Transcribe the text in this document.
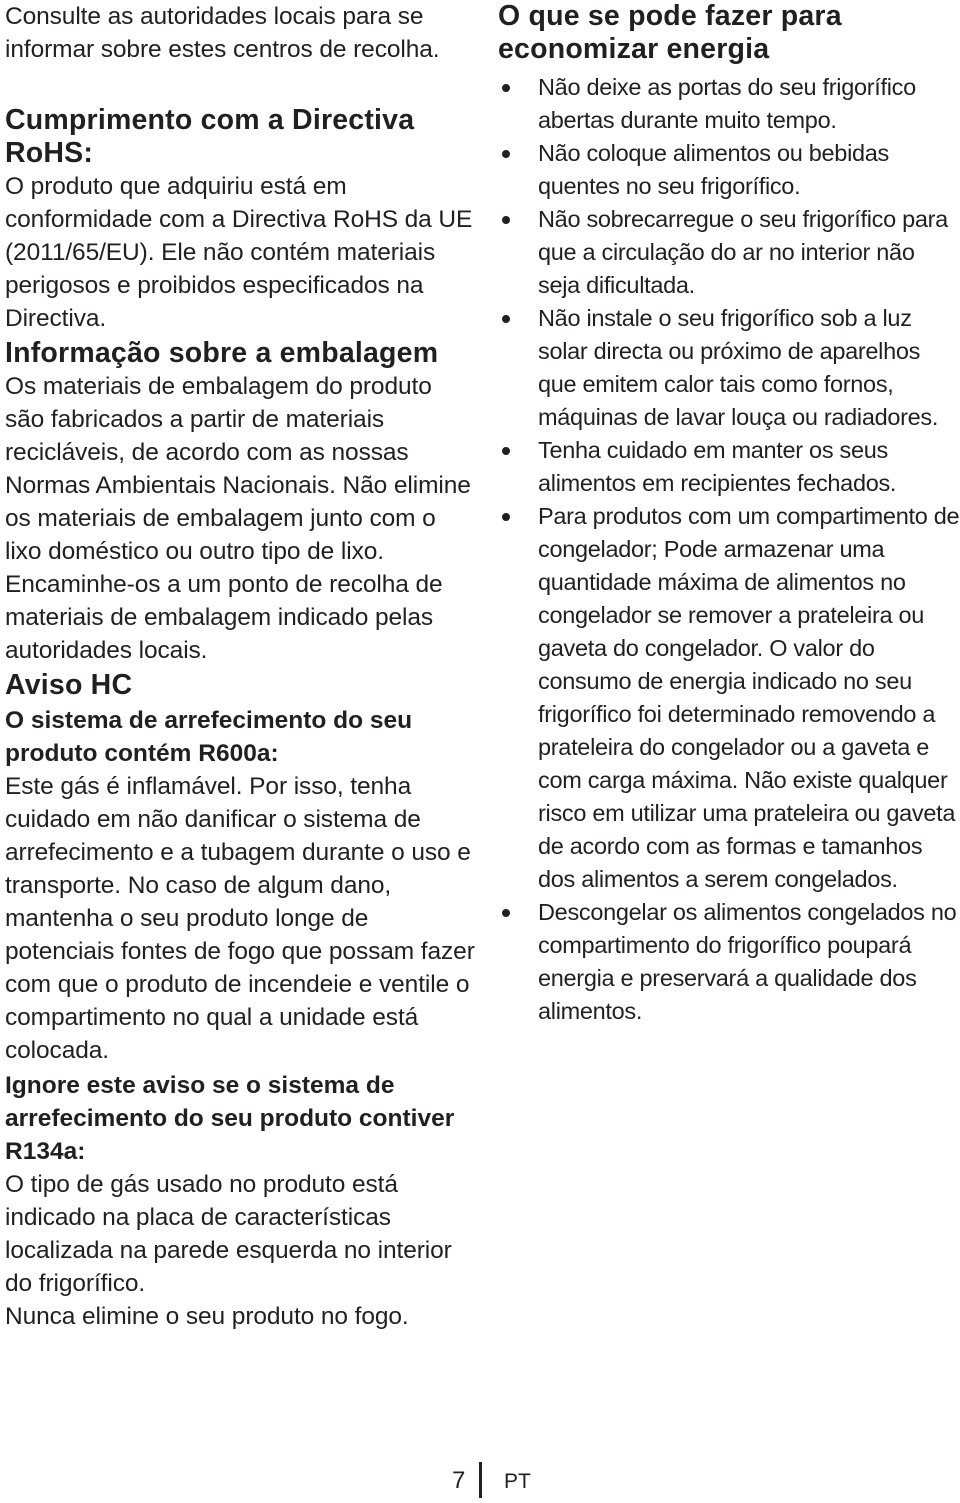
Consulte as autoridades locais para se informar sobre estes centros de recolha.

Cumprimento com a Directiva RoHS:

O produto que adquiriu está em conformidade com a Directiva RoHS da UE (2011/65/EU). Ele não contém materiais perigosos e proibidos especificados na Directiva.

Informação sobre a embalagem

Os materiais de embalagem do produto são fabricados a partir de materiais recicláveis, de acordo com as nossas Normas Ambientais Nacionais. Não elimine os materiais de embalagem junto com o lixo doméstico ou outro tipo de lixo. Encaminhe-os a um ponto de recolha de materiais de embalagem indicado pelas autoridades locais.

Aviso HC

O sistema de arrefecimento do seu produto contém R600a:

Este gás é inflamável. Por isso, tenha cuidado em não danificar o sistema de arrefecimento e a tubagem durante o uso e transporte. No caso de algum dano, mantenha o seu produto longe de potenciais fontes de fogo que possam fazer com que o produto de incendeie e ventile o compartimento no qual a unidade está colocada.

Ignore este aviso se o sistema de arrefecimento do seu produto contiver R134a:

O tipo de gás usado no produto está indicado na placa de características localizada na parede esquerda no interior do frigorífico.

Nunca elimine o seu produto no fogo.

O que se pode fazer para economizar energia

Não deixe as portas do seu frigorífico abertas durante muito tempo.

Não coloque alimentos ou bebidas quentes no seu frigorífico.

Não sobrecarregue o seu frigorífico para que a circulação do ar no interior não seja dificultada.

Não instale o seu frigorífico sob a luz solar directa ou próximo de aparelhos que emitem calor tais como fornos, máquinas de lavar louça ou radiadores.

Tenha cuidado em manter os seus alimentos em recipientes fechados.

Para produtos com um compartimento de congelador; Pode armazenar uma quantidade máxima de alimentos no congelador se remover a prateleira ou gaveta do congelador. O valor do consumo de energia indicado no seu frigorífico foi determinado removendo a prateleira do congelador ou a gaveta e com carga máxima. Não existe qualquer risco em utilizar uma prateleira ou gaveta de acordo com as formas e tamanhos dos alimentos a serem congelados.

Descongelar os alimentos congelados no compartimento do frigorífico poupará energia e preservará a qualidade dos alimentos.

7 PT
